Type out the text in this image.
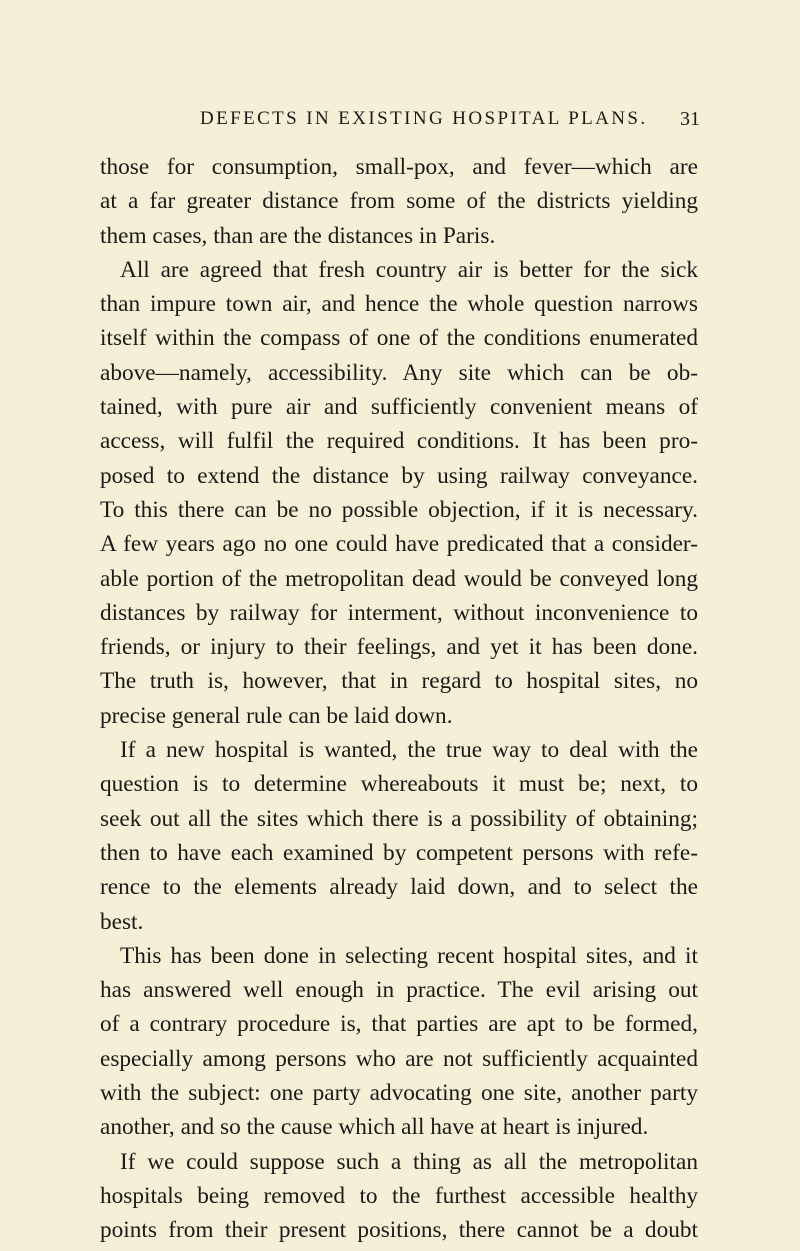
DEFECTS IN EXISTING HOSPITAL PLANS. 31
those for consumption, small-pox, and fever—which are
at a far greater distance from some of the districts yielding
them cases, than are the distances in Paris.
All are agreed that fresh country air is better for the sick
than impure town air, and hence the whole question narrows
itself within the compass of one of the conditions enumerated
above—namely, accessibility. Any site which can be ob-
tained, with pure air and sufficiently convenient means of
access, will fulfil the required conditions. It has been pro-
posed to extend the distance by using railway conveyance.
To this there can be no possible objection, if it is necessary.
A few years ago no one could have predicated that a consider-
able portion of the metropolitan dead would be conveyed long
distances by railway for interment, without inconvenience to
friends, or injury to their feelings, and yet it has been done.
The truth is, however, that in regard to hospital sites, no
precise general rule can be laid down.
If a new hospital is wanted, the true way to deal with the
question is to determine whereabouts it must be; next, to
seek out all the sites which there is a possibility of obtaining;
then to have each examined by competent persons with refe-
rence to the elements already laid down, and to select the
best.
This has been done in selecting recent hospital sites, and it
has answered well enough in practice. The evil arising out
of a contrary procedure is, that parties are apt to be formed,
especially among persons who are not sufficiently acquainted
with the subject: one party advocating one site, another party
another, and so the cause which all have at heart is injured.
If we could suppose such a thing as all the metropolitan
hospitals being removed to the furthest accessible healthy
points from their present positions, there cannot be a doubt
